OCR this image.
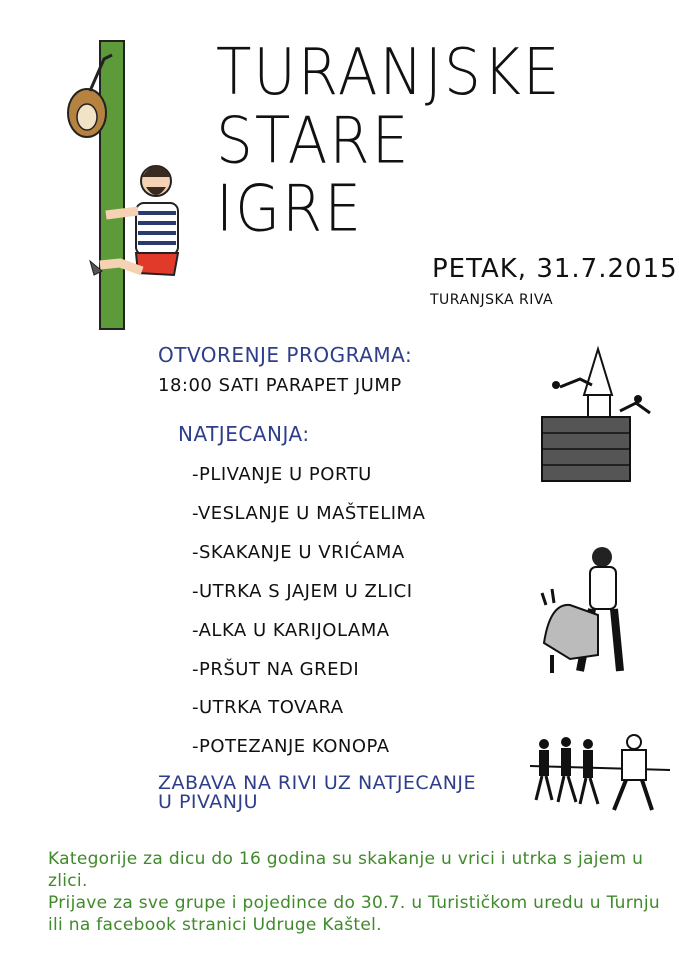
TURANJSKE
STARE
IGRE
PETAK, 31.7.2015
TURANJSKA RIVA
OTVORENJE PROGRAMA:
18:00 SATI PARAPET JUMP
NATJECANJA:
-PLIVANJE U PORTU
-VESLANJE U MAŠTELIMA
-SKAKANJE U VRIĆAMA
-UTRKA S JAJEM U ZLICI
-ALKA U KARIJOLAMA
-PRŠUT NA GREDI
-UTRKA TOVARA
-POTEZANJE KONOPA
ZABAVA NA RIVI UZ NATJECANJE
U PIVANJU
Kategorije za dicu do 16 godina su skakanje u vrici i utrka s jajem u zlici.
Prijave za sve grupe i pojedince do 30.7. u Turističkom uredu u Turnju
ili na facebook stranici Udruge Kaštel.
